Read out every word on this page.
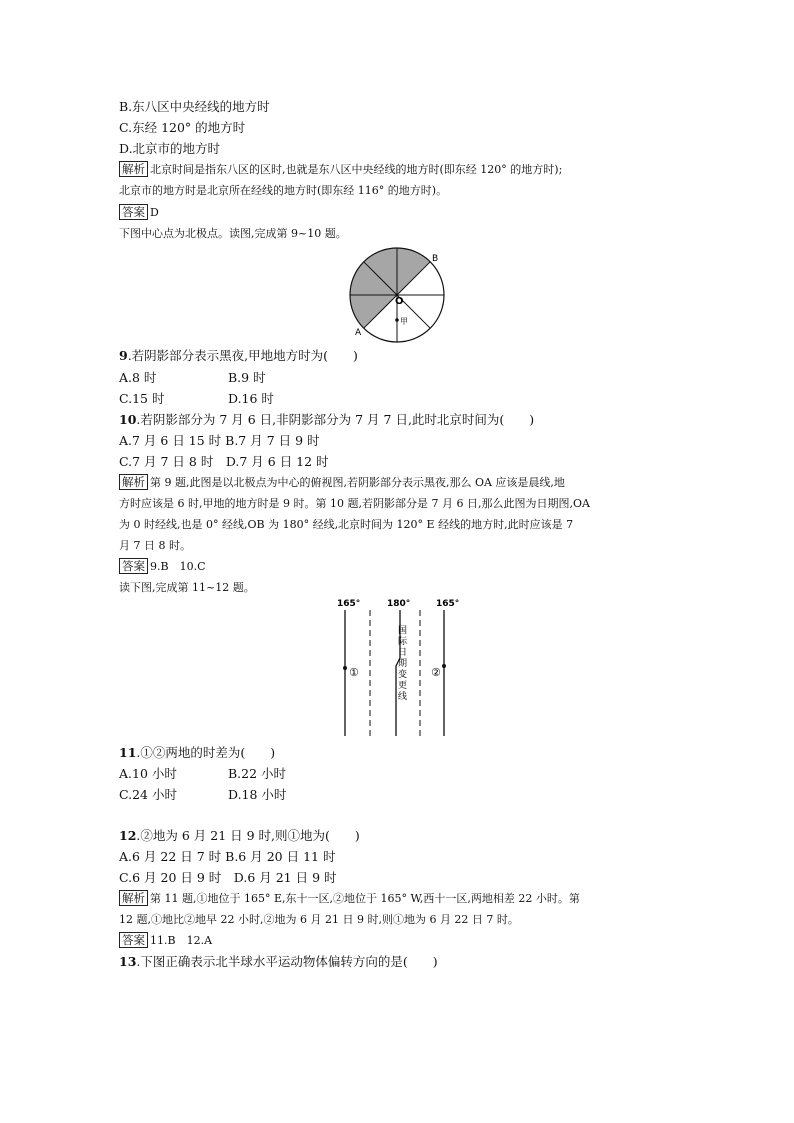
B.东八区中央经线的地方时
C.东经 120° 的地方时
D.北京市的地方时
解析 北京时间是指东八区的区时,也就是东八区中央经线的地方时(即东经 120° 的地方时);
北京市的地方时是北京所在经线的地方时(即东经 116° 的地方时)。
答案 D
下图中心点为北极点。读图,完成第 9~10 题。
B
O
A
甲
9.若阴影部分表示黑夜,甲地地方时为(　　)
A.8 时	B.9 时
C.15 时	D.16 时
10.若阴影部分为 7 月 6 日,非阴影部分为 7 月 7 日,此时北京时间为(　　)
A.7 月 6 日 15 时 B.7 月 7 日 9 时
C.7 月 7 日 8 时　D.7 月 6 日 12 时
解析 第 9 题,此图是以北极点为中心的俯视图,若阴影部分表示黑夜,那么 OA 应该是晨线,地
方时应该是 6 时,甲地的地方时是 9 时。第 10 题,若阴影部分是 7 月 6 日,那么此图为日期图,OA
为 0 时经线,也是 0° 经线,OB 为 180° 经线,北京时间为 120° E 经线的地方时,此时应该是 7
月 7 日 8 时。
答案 9.B　10.C
读下图,完成第 11~12 题。
165°	180°	165°
①	②
国
际
日
期
变
更
线
11.①②两地的时差为(　　)
A.10 小时	B.22 小时
C.24 小时	D.18 小时
12.②地为 6 月 21 日 9 时,则①地为(　　)
A.6 月 22 日 7 时 B.6 月 20 日 11 时
C.6 月 20 日 9 时　D.6 月 21 日 9 时
解析 第 11 题,①地位于 165° E,东十一区,②地位于 165° W,西十一区,两地相差 22 小时。第
12 题,①地比②地早 22 小时,②地为 6 月 21 日 9 时,则①地为 6 月 22 日 7 时。
答案 11.B　12.A
13.下图正确表示北半球水平运动物体偏转方向的是(　　)
